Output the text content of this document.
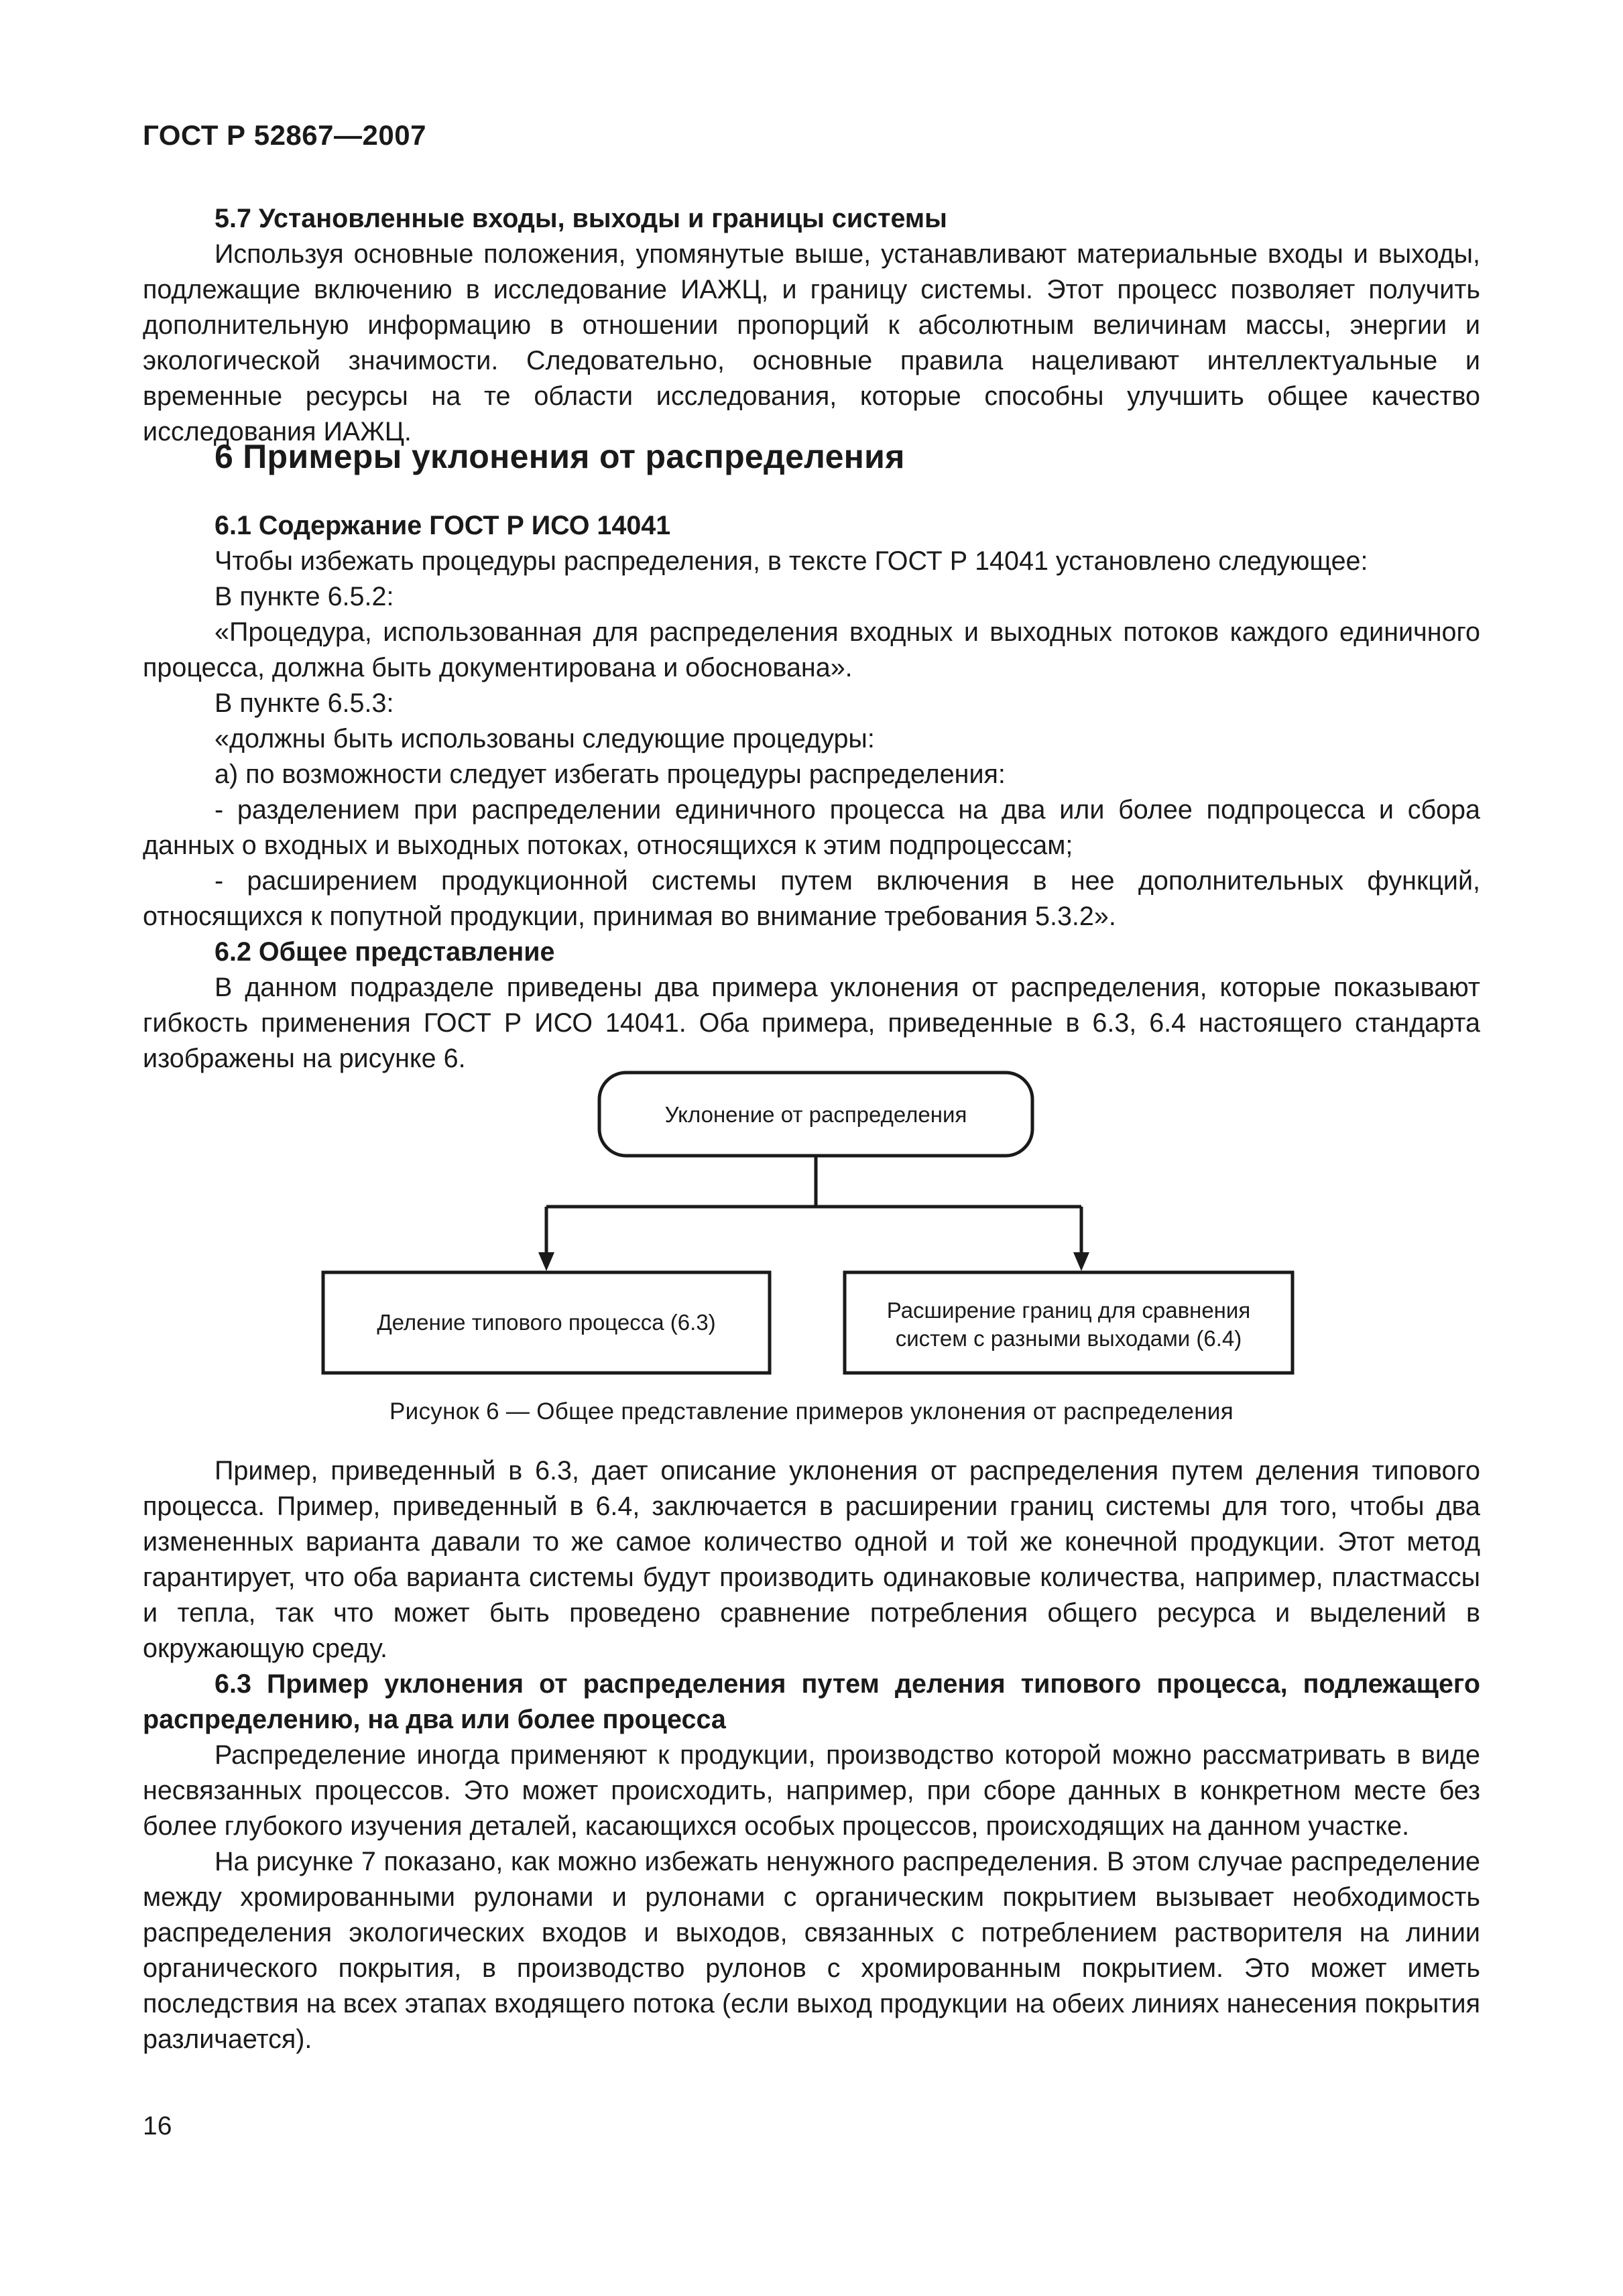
ГОСТ Р 52867—2007
5.7 Установленные входы, выходы и границы системы

Используя основные положения, упомянутые выше, устанавливают материальные входы и выходы, подлежащие включению в исследование ИАЖЦ, и границу системы. Этот процесс позволяет получить дополнительную информацию в отношении пропорций к абсолютным величинам массы, энергии и экологической значимости. Следовательно, основные правила нацеливают интеллектуальные и временные ресурсы на те области исследования, которые способны улучшить общее качество исследования ИАЖЦ.

6 Примеры уклонения от распределения
6.1 Содержание ГОСТ Р ИСО 14041

Чтобы избежать процедуры распределения, в тексте ГОСТ Р 14041 установлено следующее:

В пункте 6.5.2:

«Процедура, использованная для распределения входных и выходных потоков каждого единичного процесса, должна быть документирована и обоснована».

В пункте 6.5.3:

«должны быть использованы следующие процедуры:

а) по возможности следует избегать процедуры распределения:

- разделением при распределении единичного процесса на два или более подпроцесса и сбора данных о входных и выходных потоках, относящихся к этим подпроцессам;

- расширением продукционной системы путем включения в нее дополнительных функций, относящихся к попутной продукции, принимая во внимание требования 5.3.2».

6.2 Общее представление

В данном подразделе приведены два примера уклонения от распределения, которые показывают гибкость применения ГОСТ Р ИСО 14041. Оба примера, приведенные в 6.3, 6.4 настоящего стандарта изображены на рисунке 6.

Уклонение от распределения
Деление типового процесса (6.3)	Расширение границ для сравнения
систем с разными выходами (6.4)
Рисунок 6 — Общее представление примеров уклонения от распределения

Пример, приведенный в 6.3, дает описание уклонения от распределения путем деления типового процесса. Пример, приведенный в 6.4, заключается в расширении границ системы для того, чтобы два измененных варианта давали то же самое количество одной и той же конечной продукции. Этот метод гарантирует, что оба варианта системы будут производить одинаковые количества, например, пластмассы и тепла, так что может быть проведено сравнение потребления общего ресурса и выделений в окружающую среду.

6.3 Пример уклонения от распределения путем деления типового процесса, подлежащего распределению, на два или более процесса

Распределение иногда применяют к продукции, производство которой можно рассматривать в виде несвязанных процессов. Это может происходить, например, при сборе данных в конкретном месте без более глубокого изучения деталей, касающихся особых процессов, происходящих на данном участке.

На рисунке 7 показано, как можно избежать ненужного распределения. В этом случае распределение между хромированными рулонами и рулонами с органическим покрытием вызывает необходимость распределения экологических входов и выходов, связанных с потреблением растворителя на линии органического покрытия, в производство рулонов с хромированным покрытием. Это может иметь последствия на всех этапах входящего потока (если выход продукции на обеих линиях нанесения покрытия различается).

16
